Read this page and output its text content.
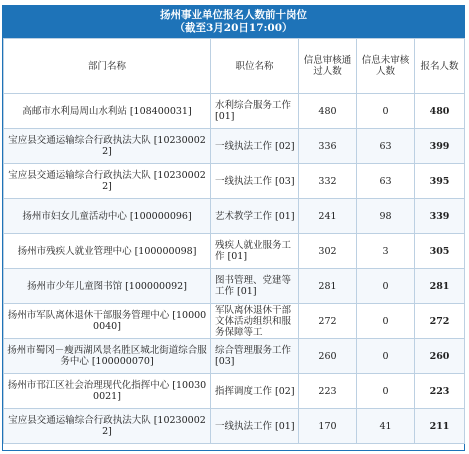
扬州事业单位报名人数前十岗位
（截至3月20日17:00）
部门名称	职位名称	信息审核通过人数	信息未审核人数	报名人数
高邮市水利局周山水利站 [108400031]	水利综合服务工作 [01]	480	0	480
宝应县交通运输综合行政执法大队 [102300022]	一线执法工作 [02]	336	63	399
宝应县交通运输综合行政执法大队 [102300022]	一线执法工作 [03]	332	63	395
扬州市妇女儿童活动中心 [100000096]	艺术教学工作 [01]	241	98	339
扬州市残疾人就业管理中心 [100000098]	残疾人就业服务工作 [01]	302	3	305
扬州市少年儿童图书馆 [100000092]	图书管理、党建等工作 [01]	281	0	281
扬州市军队离休退休干部服务管理中心 [100000040]	军队离休退休干部文体活动组织和服务保障等工	272	0	272
扬州市蜀冈－瘦西湖风景名胜区城北街道综合服务中心 [100000070]	综合管理服务工作 [03]	260	0	260
扬州市邗江区社会治理现代化指挥中心 [100300021]	指挥调度工作 [02]	223	0	223
宝应县交通运输综合行政执法大队 [102300022]	一线执法工作 [01]	170	41	211
